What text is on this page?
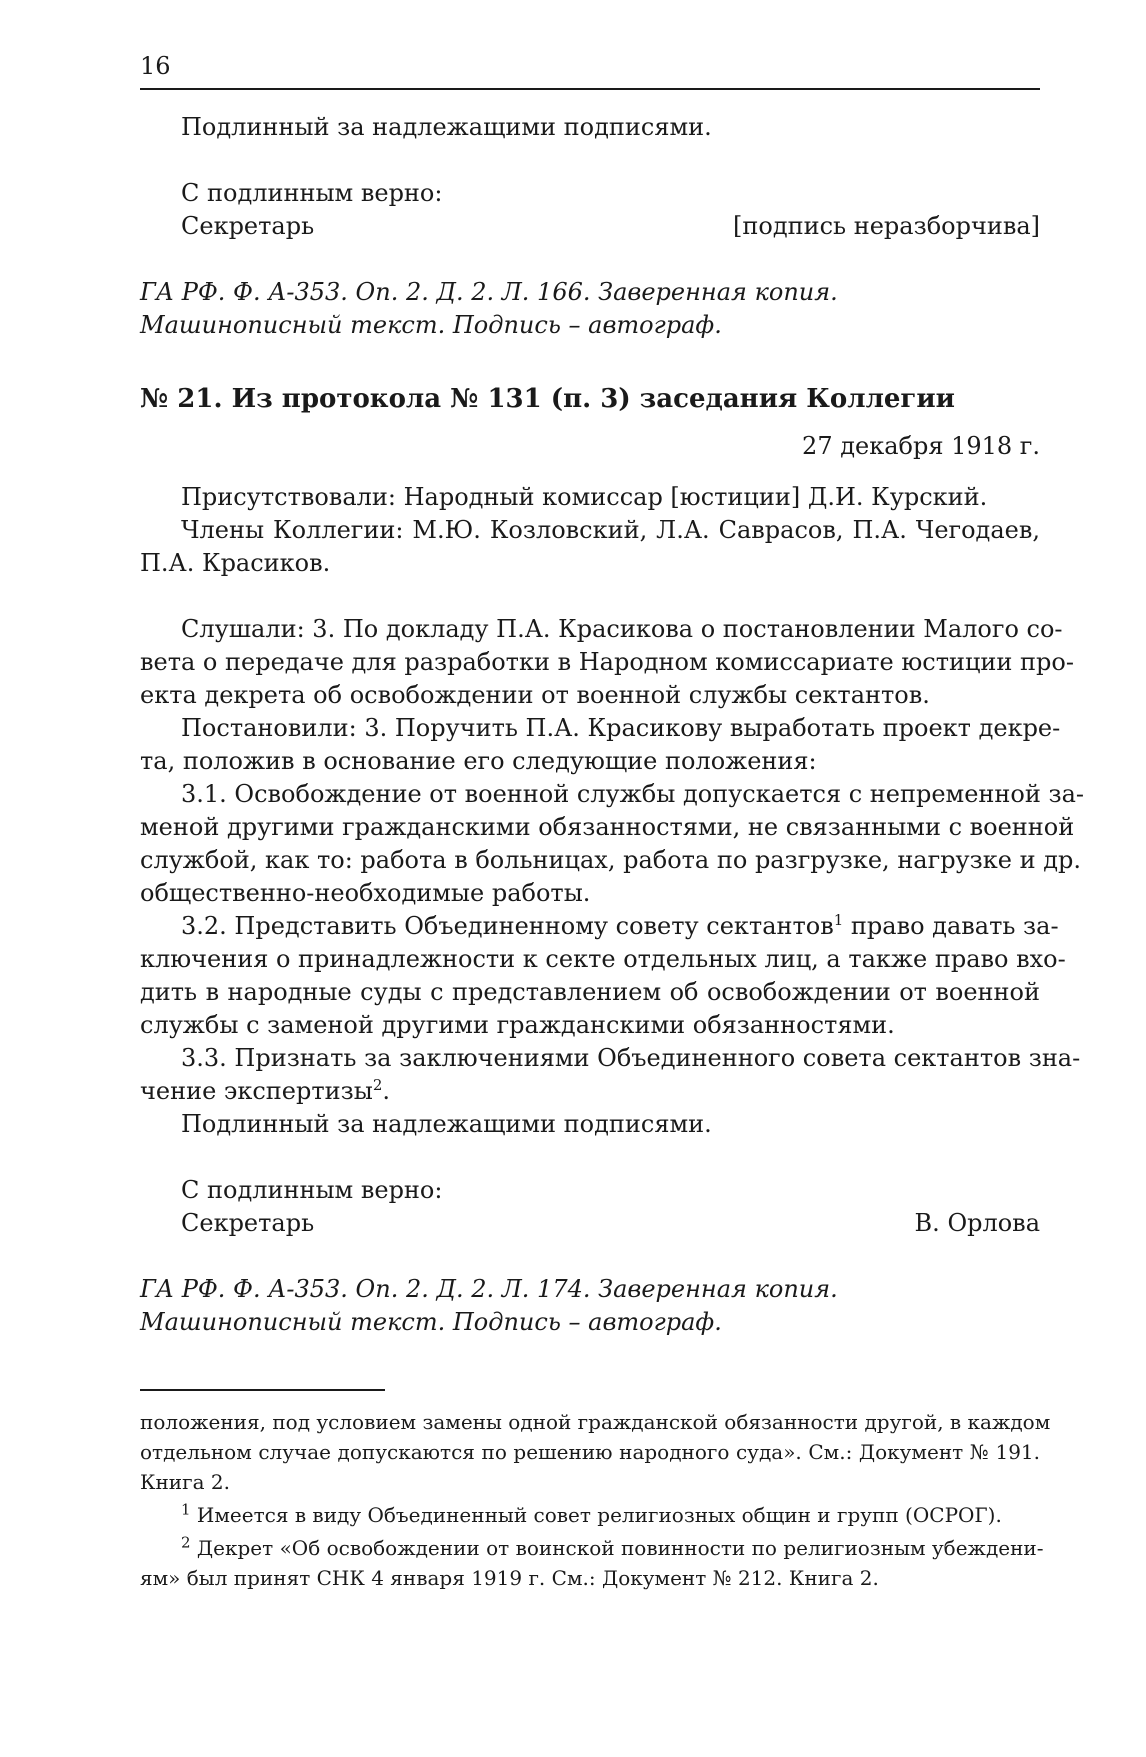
16
Подлинный за надлежащими подписями.
С подлинным верно:
Секретарь	[подпись неразборчива]
ГА РФ. Ф. А-353. Оп. 2. Д. 2. Л. 166. Заверенная копия.
Машинописный текст. Подпись – автограф.
№ 21. Из протокола № 131 (п. 3) заседания Коллегии
27 декабря 1918 г.
Присутствовали: Народный комиссар [юстиции] Д.И. Курский.
Члены Коллегии: М.Ю. Козловский, Л.А. Саврасов, П.А. Чегодаев,
П.А. Красиков.
Слушали: 3. По докладу П.А. Красикова о постановлении Малого со-
вета о передаче для разработки в Народном комиссариате юстиции про-
екта декрета об освобождении от военной службы сектантов.
Постановили: 3. Поручить П.А. Красикову выработать проект декре-
та, положив в основание его следующие положения:
3.1. Освобождение от военной службы допускается с непременной за-
меной другими гражданскими обязанностями, не связанными с военной
службой, как то: работа в больницах, работа по разгрузке, нагрузке и др.
общественно-необходимые работы.
3.2. Представить Объединенному совету сектантов$^1$ право давать за-
ключения о принадлежности к секте отдельных лиц, а также право вхо-
дить в народные суды с представлением об освобождении от военной
службы с заменой другими гражданскими обязанностями.
3.3. Признать за заключениями Объединенного совета сектантов зна-
чение экспертизы$^2$.
Подлинный за надлежащими подписями.
С подлинным верно:
Секретарь	В. Орлова
ГА РФ. Ф. А-353. Оп. 2. Д. 2. Л. 174. Заверенная копия.
Машинописный текст. Подпись – автограф.
положения, под условием замены одной гражданской обязанности другой, в каждом
отдельном случае допускаются по решению народного суда». См.: Документ № 191.
Книга 2.
$^1$ Имеется в виду Объединенный совет религиозных общин и групп (ОСРОГ).
$^2$ Декрет «Об освобождении от воинской повинности по религиозным убеждени-
ям» был принят СНК 4 января 1919 г. См.: Документ № 212. Книга 2.
